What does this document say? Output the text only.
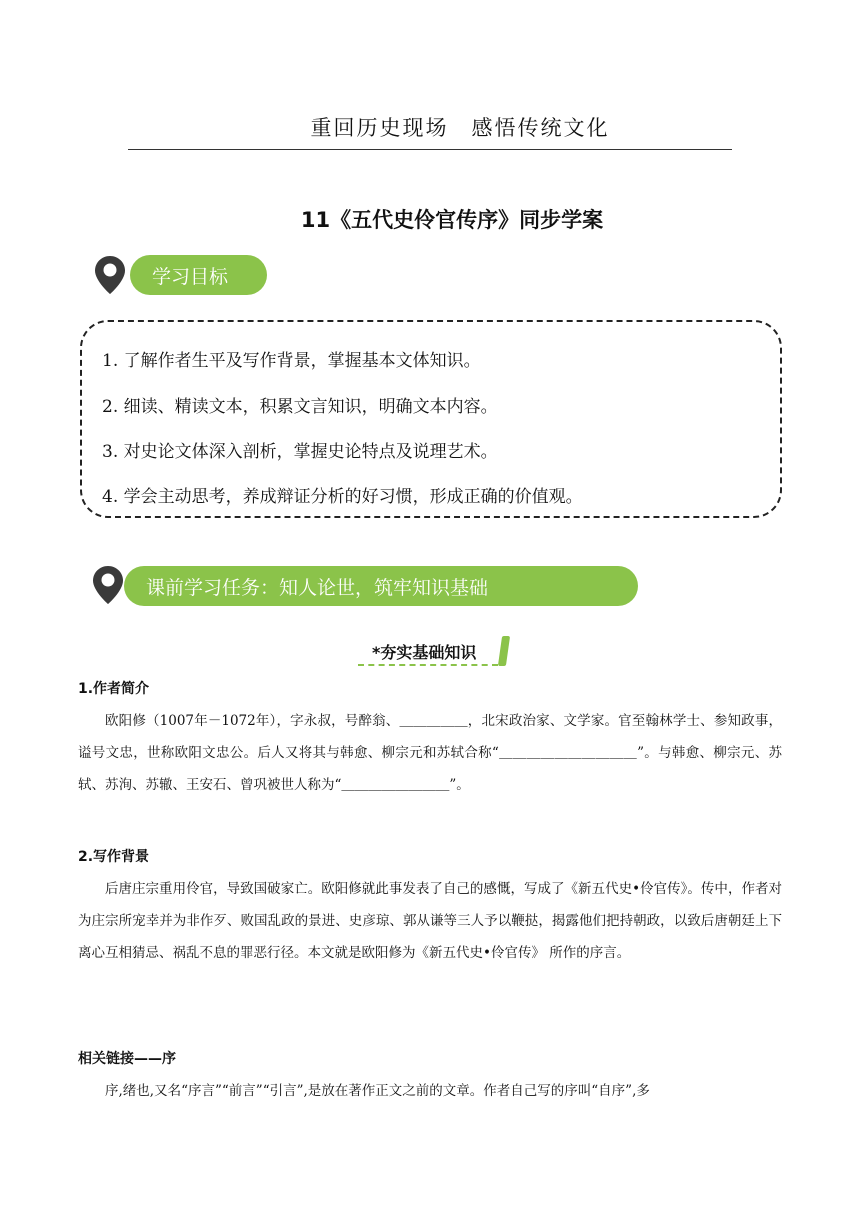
重回历史现场　感悟传统文化
11《五代史伶官传序》同步学案
学习目标
1. 了解作者生平及写作背景，掌握基本文体知识。
2. 细读、精读文本，积累文言知识，明确文本内容。
3. 对史论文体深入剖析，掌握史论特点及说理艺术。
4. 学会主动思考，养成辩证分析的好习惯，形成正确的价值观。
课前学习任务：知人论世，筑牢知识基础
*夯实基础知识
1.作者简介
欧阳修（1007年－1072年），字永叔，号醉翁、＿＿＿＿＿，北宋政治家、文学家。官至翰林学士、参知政事，谥号文忠，世称欧阳文忠公。后人又将其与韩愈、柳宗元和苏轼合称“＿＿＿＿＿＿＿＿＿＿”。与韩愈、柳宗元、苏轼、苏洵、苏辙、王安石、曾巩被世人称为“＿＿＿＿＿＿＿＿”。
2.写作背景
后唐庄宗重用伶官，导致国破家亡。欧阳修就此事发表了自己的感慨，写成了《新五代史•伶官传》。传中，作者对为庄宗所宠幸并为非作歹、败国乱政的景进、史彦琼、郭从谦等三人予以鞭挞，揭露他们把持朝政，以致后唐朝廷上下离心互相猜忌、祸乱不息的罪恶行径。本文就是欧阳修为《新五代史•伶官传》 所作的序言。
相关链接——序
序,绪也,又名“序言”“前言”“引言”,是放在著作正文之前的文章。作者自己写的序叫“自序”,多
